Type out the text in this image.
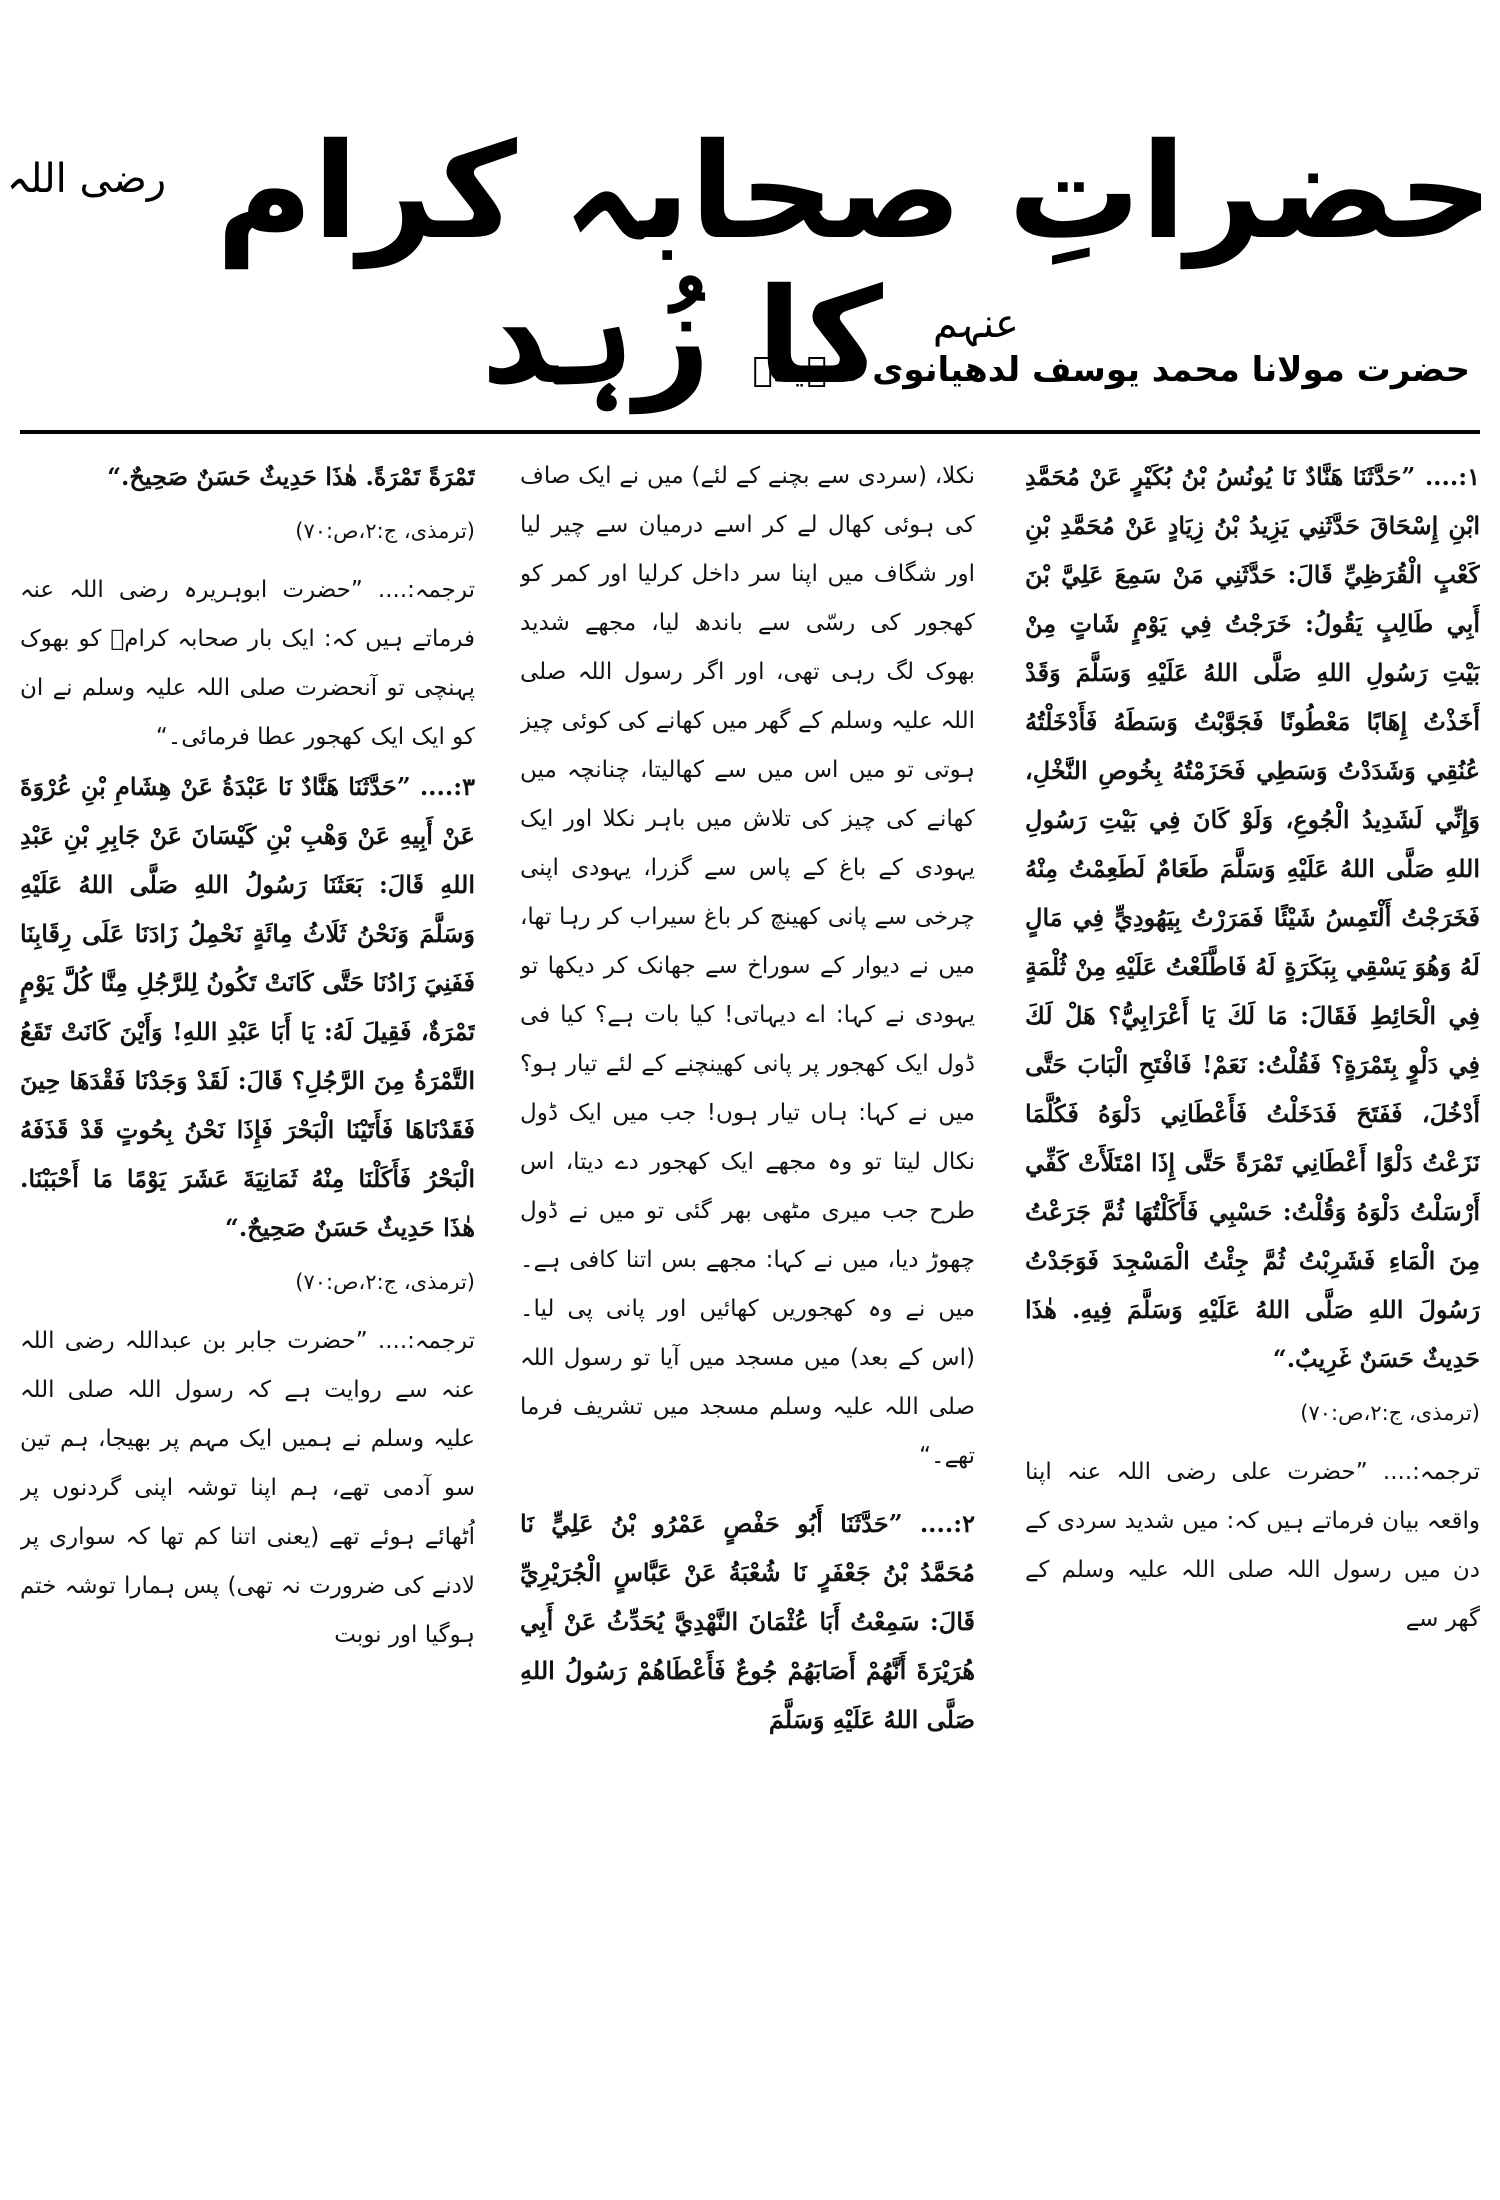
حضراتِ صحابہ کرام $^{رضی اللہ عنہم}$ کا زُہد
حضرت مولانا محمد یوسف لدھیانوی شہیدؒ

۱:.... ”حَدَّثَنَا هَنَّادٌ نَا يُونُسُ بْنُ بُكَيْرٍ عَنْ مُحَمَّدِ ابْنِ إِسْحَاقَ حَدَّثَنِي يَزِيدُ بْنُ زِيَادٍ عَنْ مُحَمَّدِ بْنِ كَعْبٍ الْقُرَظِيِّ قَالَ: حَدَّثَنِي مَنْ سَمِعَ عَلِيَّ بْنَ أَبِي طَالِبٍ يَقُولُ: خَرَجْتُ فِي يَوْمٍ شَاتٍ مِنْ بَيْتِ رَسُولِ اللهِ صَلَّى اللهُ عَلَيْهِ وَسَلَّمَ وَقَدْ أَخَذْتُ إِهَابًا مَعْطُونًا فَجَوَّبْتُ وَسَطَهُ فَأَدْخَلْتُهُ عُنُقِي وَشَدَدْتُ وَسَطِي فَحَزَمْتُهُ بِخُوصِ النَّخْلِ، وَإِنِّي لَشَدِيدُ الْجُوعِ، وَلَوْ كَانَ فِي بَيْتِ رَسُولِ اللهِ صَلَّى اللهُ عَلَيْهِ وَسَلَّمَ طَعَامٌ لَطَعِمْتُ مِنْهُ فَخَرَجْتُ أَلْتَمِسُ شَيْئًا فَمَرَرْتُ بِيَهُودِيٍّ فِي مَالٍ لَهُ وَهُوَ يَسْقِي بِبَكَرَةٍ لَهُ فَاطَّلَعْتُ عَلَيْهِ مِنْ ثُلْمَةٍ فِي الْحَائِطِ فَقَالَ: مَا لَكَ يَا أَعْرَابِيُّ؟ هَلْ لَكَ فِي دَلْوٍ بِتَمْرَةٍ؟ فَقُلْتُ: نَعَمْ! فَافْتَحِ الْبَابَ حَتَّى أَدْخُلَ، فَفَتَحَ فَدَخَلْتُ فَأَعْطَانِي دَلْوَهُ فَكُلَّمَا نَزَعْتُ دَلْوًا أَعْطَانِي تَمْرَةً حَتَّى إِذَا امْتَلَأَتْ كَفِّي أَرْسَلْتُ دَلْوَهُ وَقُلْتُ: حَسْبِي فَأَكَلْتُهَا ثُمَّ جَرَعْتُ مِنَ الْمَاءِ فَشَرِبْتُ ثُمَّ جِئْتُ الْمَسْجِدَ فَوَجَدْتُ رَسُولَ اللهِ صَلَّى اللهُ عَلَيْهِ وَسَلَّمَ فِيهِ. هٰذَا حَدِيثٌ حَسَنٌ غَرِيبٌ.“

(ترمذی، ج:۲،ص:۷۰)

ترجمہ:.... ”حضرت علی رضی اللہ عنہ اپنا واقعہ بیان فرماتے ہیں کہ: میں شدید سردی کے دن میں رسول اللہ صلی اللہ علیہ وسلم کے گھر سے

نکلا، (سردی سے بچنے کے لئے) میں نے ایک صاف کی ہوئی کھال لے کر اسے درمیان سے چیر لیا اور شگاف میں اپنا سر داخل کرلیا اور کمر کو کھجور کی رسّی سے باندھ لیا، مجھے شدید بھوک لگ رہی تھی، اور اگر رسول اللہ صلی اللہ علیہ وسلم کے گھر میں کھانے کی کوئی چیز ہوتی تو میں اس میں سے کھالیتا، چنانچہ میں کھانے کی چیز کی تلاش میں باہر نکلا اور ایک یہودی کے باغ کے پاس سے گزرا، یہودی اپنی چرخی سے پانی کھینچ کر باغ سیراب کر رہا تھا، میں نے دیوار کے سوراخ سے جھانک کر دیکھا تو یہودی نے کہا: اے دیہاتی! کیا بات ہے؟ کیا فی ڈول ایک کھجور پر پانی کھینچنے کے لئے تیار ہو؟ میں نے کہا: ہاں تیار ہوں! جب میں ایک ڈول نکال لیتا تو وہ مجھے ایک کھجور دے دیتا، اس طرح جب میری مٹھی بھر گئی تو میں نے ڈول چھوڑ دیا، میں نے کہا: مجھے بس اتنا کافی ہے۔ میں نے وہ کھجوریں کھائیں اور پانی پی لیا۔ (اس کے بعد) میں مسجد میں آیا تو رسول اللہ صلی اللہ علیہ وسلم مسجد میں تشریف فرما تھے۔“

۲:.... ”حَدَّثَنَا أَبُو حَفْصٍ عَمْرُو بْنُ عَلِيٍّ نَا مُحَمَّدُ بْنُ جَعْفَرٍ نَا شُعْبَةُ عَنْ عَبَّاسٍ الْجُرَيْرِيِّ قَالَ: سَمِعْتُ أَبَا عُثْمَانَ النَّهْدِيَّ يُحَدِّثُ عَنْ أَبِي هُرَيْرَةَ أَنَّهُمْ أَصَابَهُمْ جُوعٌ فَأَعْطَاهُمْ رَسُولُ اللهِ صَلَّى اللهُ عَلَيْهِ وَسَلَّمَ

تَمْرَةً تَمْرَةً. هٰذَا حَدِيثٌ حَسَنٌ صَحِيحٌ.“

(ترمذی، ج:۲،ص:۷۰)

ترجمہ:.... ”حضرت ابوہریرہ رضی اللہ عنہ فرماتے ہیں کہ: ایک بار صحابہ کرامؓ کو بھوک پہنچی تو آنحضرت صلی اللہ علیہ وسلم نے ان کو ایک ایک کھجور عطا فرمائی۔“

۳:.... ”حَدَّثَنَا هَنَّادٌ نَا عَبْدَةُ عَنْ هِشَامِ بْنِ عُرْوَةَ عَنْ أَبِيهِ عَنْ وَهْبِ بْنِ كَيْسَانَ عَنْ جَابِرِ بْنِ عَبْدِ اللهِ قَالَ: بَعَثَنَا رَسُولُ اللهِ صَلَّى اللهُ عَلَيْهِ وَسَلَّمَ وَنَحْنُ ثَلَاثُ مِائَةٍ نَحْمِلُ زَادَنَا عَلَى رِقَابِنَا فَفَنِيَ زَادُنَا حَتَّى كَانَتْ تَكُونُ لِلرَّجُلِ مِنَّا كُلَّ يَوْمٍ تَمْرَةٌ، فَقِيلَ لَهُ: يَا أَبَا عَبْدِ اللهِ! وَأَيْنَ كَانَتْ تَقَعُ التَّمْرَةُ مِنَ الرَّجُلِ؟ قَالَ: لَقَدْ وَجَدْنَا فَقْدَهَا حِينَ فَقَدْنَاهَا فَأَتَيْنَا الْبَحْرَ فَإِذَا نَحْنُ بِحُوتٍ قَدْ قَذَفَهُ الْبَحْرُ فَأَكَلْنَا مِنْهُ ثَمَانِيَةَ عَشَرَ يَوْمًا مَا أَحْبَبْنَا. هٰذَا حَدِيثٌ حَسَنٌ صَحِيحٌ.“

(ترمذی، ج:۲،ص:۷۰)

ترجمہ:.... ”حضرت جابر بن عبداللہ رضی اللہ عنہ سے روایت ہے کہ رسول اللہ صلی اللہ علیہ وسلم نے ہمیں ایک مہم پر بھیجا، ہم تین سو آدمی تھے، ہم اپنا توشہ اپنی گردنوں پر اُٹھائے ہوئے تھے (یعنی اتنا کم تھا کہ سواری پر لادنے کی ضرورت نہ تھی) پس ہمارا توشہ ختم ہوگیا اور نوبت
